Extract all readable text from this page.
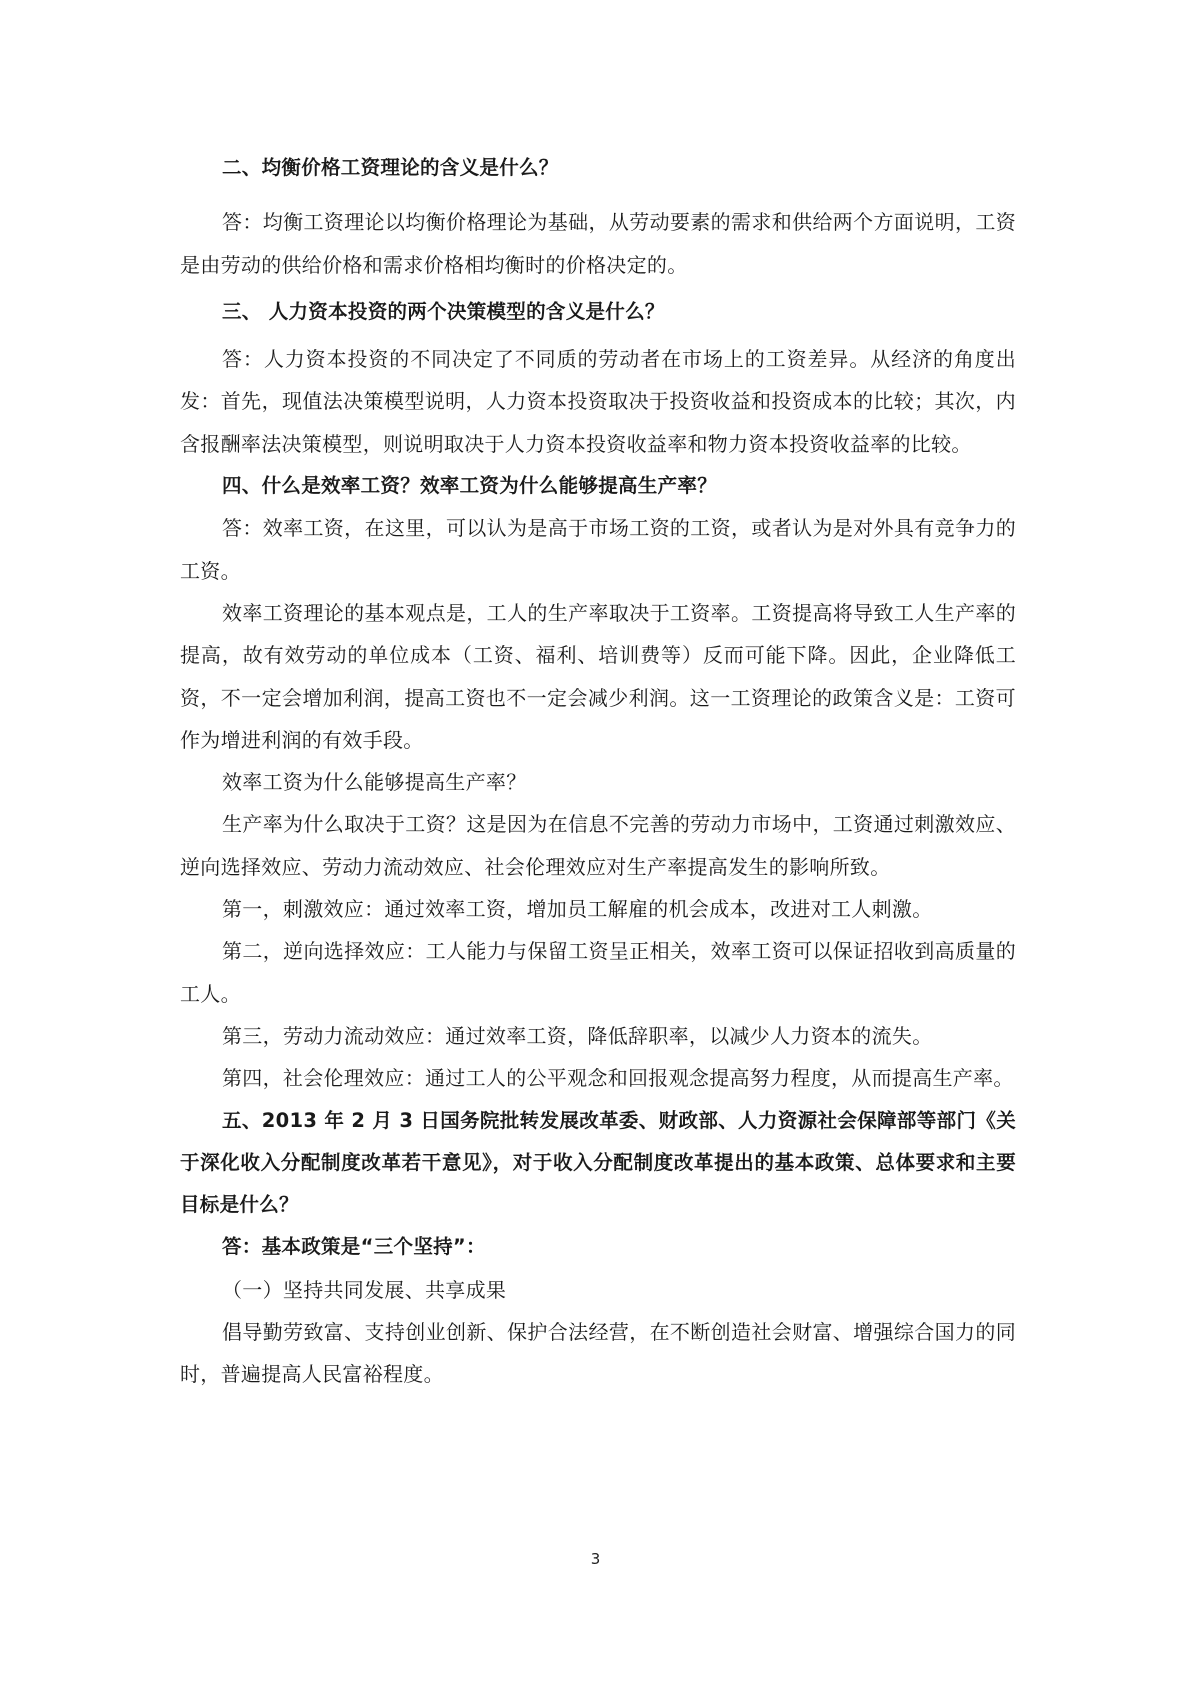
二、均衡价格工资理论的含义是什么？

答：均衡工资理论以均衡价格理论为基础，从劳动要素的需求和供给两个方面说明，工资是由劳动的供给价格和需求价格相均衡时的价格决定的。

三、 人力资本投资的两个决策模型的含义是什么？

答：人力资本投资的不同决定了不同质的劳动者在市场上的工资差异。从经济的角度出发：首先，现值法决策模型说明，人力资本投资取决于投资收益和投资成本的比较；其次，内含报酬率法决策模型，则说明取决于人力资本投资收益率和物力资本投资收益率的比较。

四、什么是效率工资？效率工资为什么能够提高生产率？

答：效率工资，在这里，可以认为是高于市场工资的工资，或者认为是对外具有竞争力的工资。

效率工资理论的基本观点是，工人的生产率取决于工资率。工资提高将导致工人生产率的提高，故有效劳动的单位成本（工资、福利、培训费等）反而可能下降。因此，企业降低工资，不一定会增加利润，提高工资也不一定会减少利润。这一工资理论的政策含义是：工资可作为增进利润的有效手段。

效率工资为什么能够提高生产率？

生产率为什么取决于工资？这是因为在信息不完善的劳动力市场中，工资通过刺激效应、逆向选择效应、劳动力流动效应、社会伦理效应对生产率提高发生的影响所致。

第一，刺激效应：通过效率工资，增加员工解雇的机会成本，改进对工人刺激。

第二，逆向选择效应：工人能力与保留工资呈正相关，效率工资可以保证招收到高质量的工人。

第三，劳动力流动效应：通过效率工资，降低辞职率，以减少人力资本的流失。

第四，社会伦理效应：通过工人的公平观念和回报观念提高努力程度，从而提高生产率。

五、2013 年 2 月 3 日国务院批转发展改革委、财政部、人力资源社会保障部等部门《关于深化收入分配制度改革若干意见》，对于收入分配制度改革提出的基本政策、总体要求和主要目标是什么？

答：基本政策是“三个坚持”：

（一）坚持共同发展、共享成果

倡导勤劳致富、支持创业创新、保护合法经营，在不断创造社会财富、增强综合国力的同时，普遍提高人民富裕程度。

3
